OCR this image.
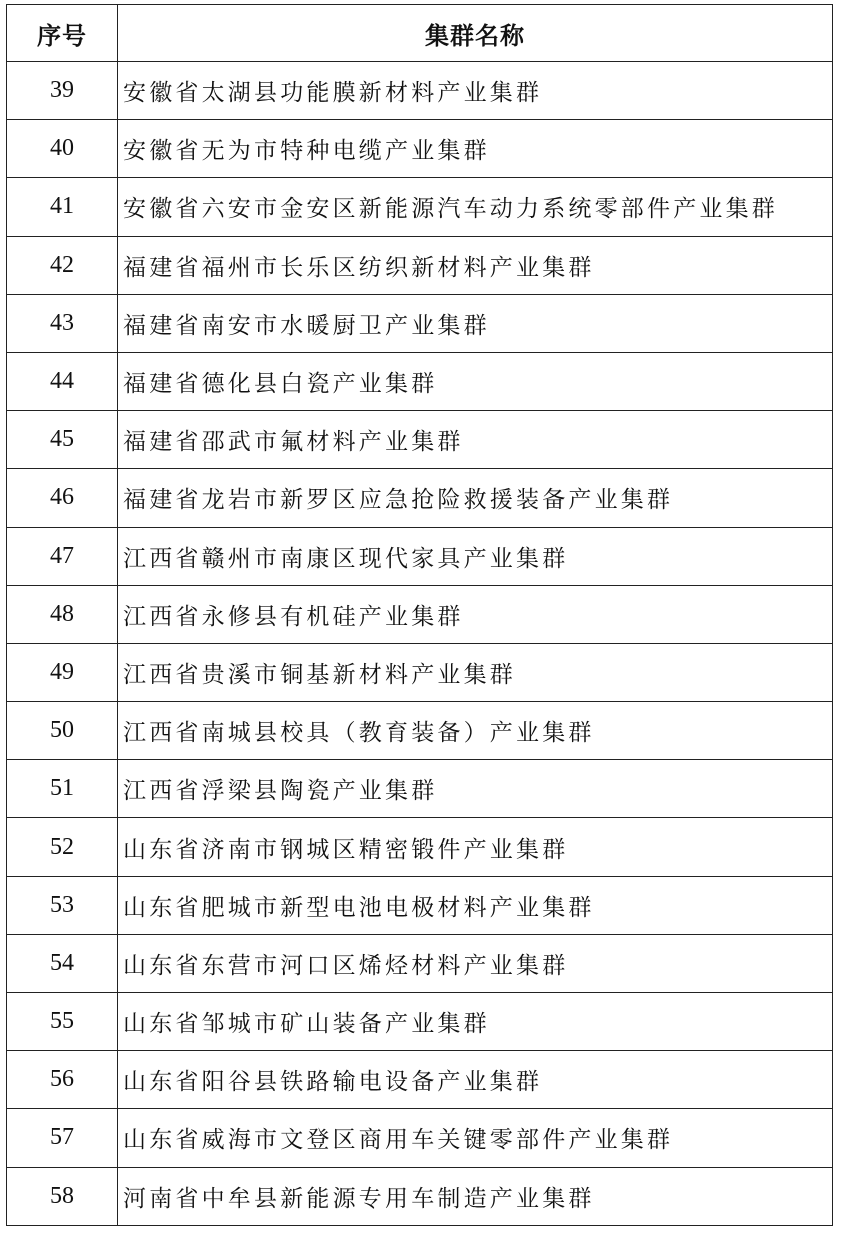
序号	集群名称
39	安徽省太湖县功能膜新材料产业集群
40	安徽省无为市特种电缆产业集群
41	安徽省六安市金安区新能源汽车动力系统零部件产业集群
42	福建省福州市长乐区纺织新材料产业集群
43	福建省南安市水暖厨卫产业集群
44	福建省德化县白瓷产业集群
45	福建省邵武市氟材料产业集群
46	福建省龙岩市新罗区应急抢险救援装备产业集群
47	江西省赣州市南康区现代家具产业集群
48	江西省永修县有机硅产业集群
49	江西省贵溪市铜基新材料产业集群
50	江西省南城县校具（教育装备）产业集群
51	江西省浮梁县陶瓷产业集群
52	山东省济南市钢城区精密锻件产业集群
53	山东省肥城市新型电池电极材料产业集群
54	山东省东营市河口区烯烃材料产业集群
55	山东省邹城市矿山装备产业集群
56	山东省阳谷县铁路输电设备产业集群
57	山东省威海市文登区商用车关键零部件产业集群
58	河南省中牟县新能源专用车制造产业集群
